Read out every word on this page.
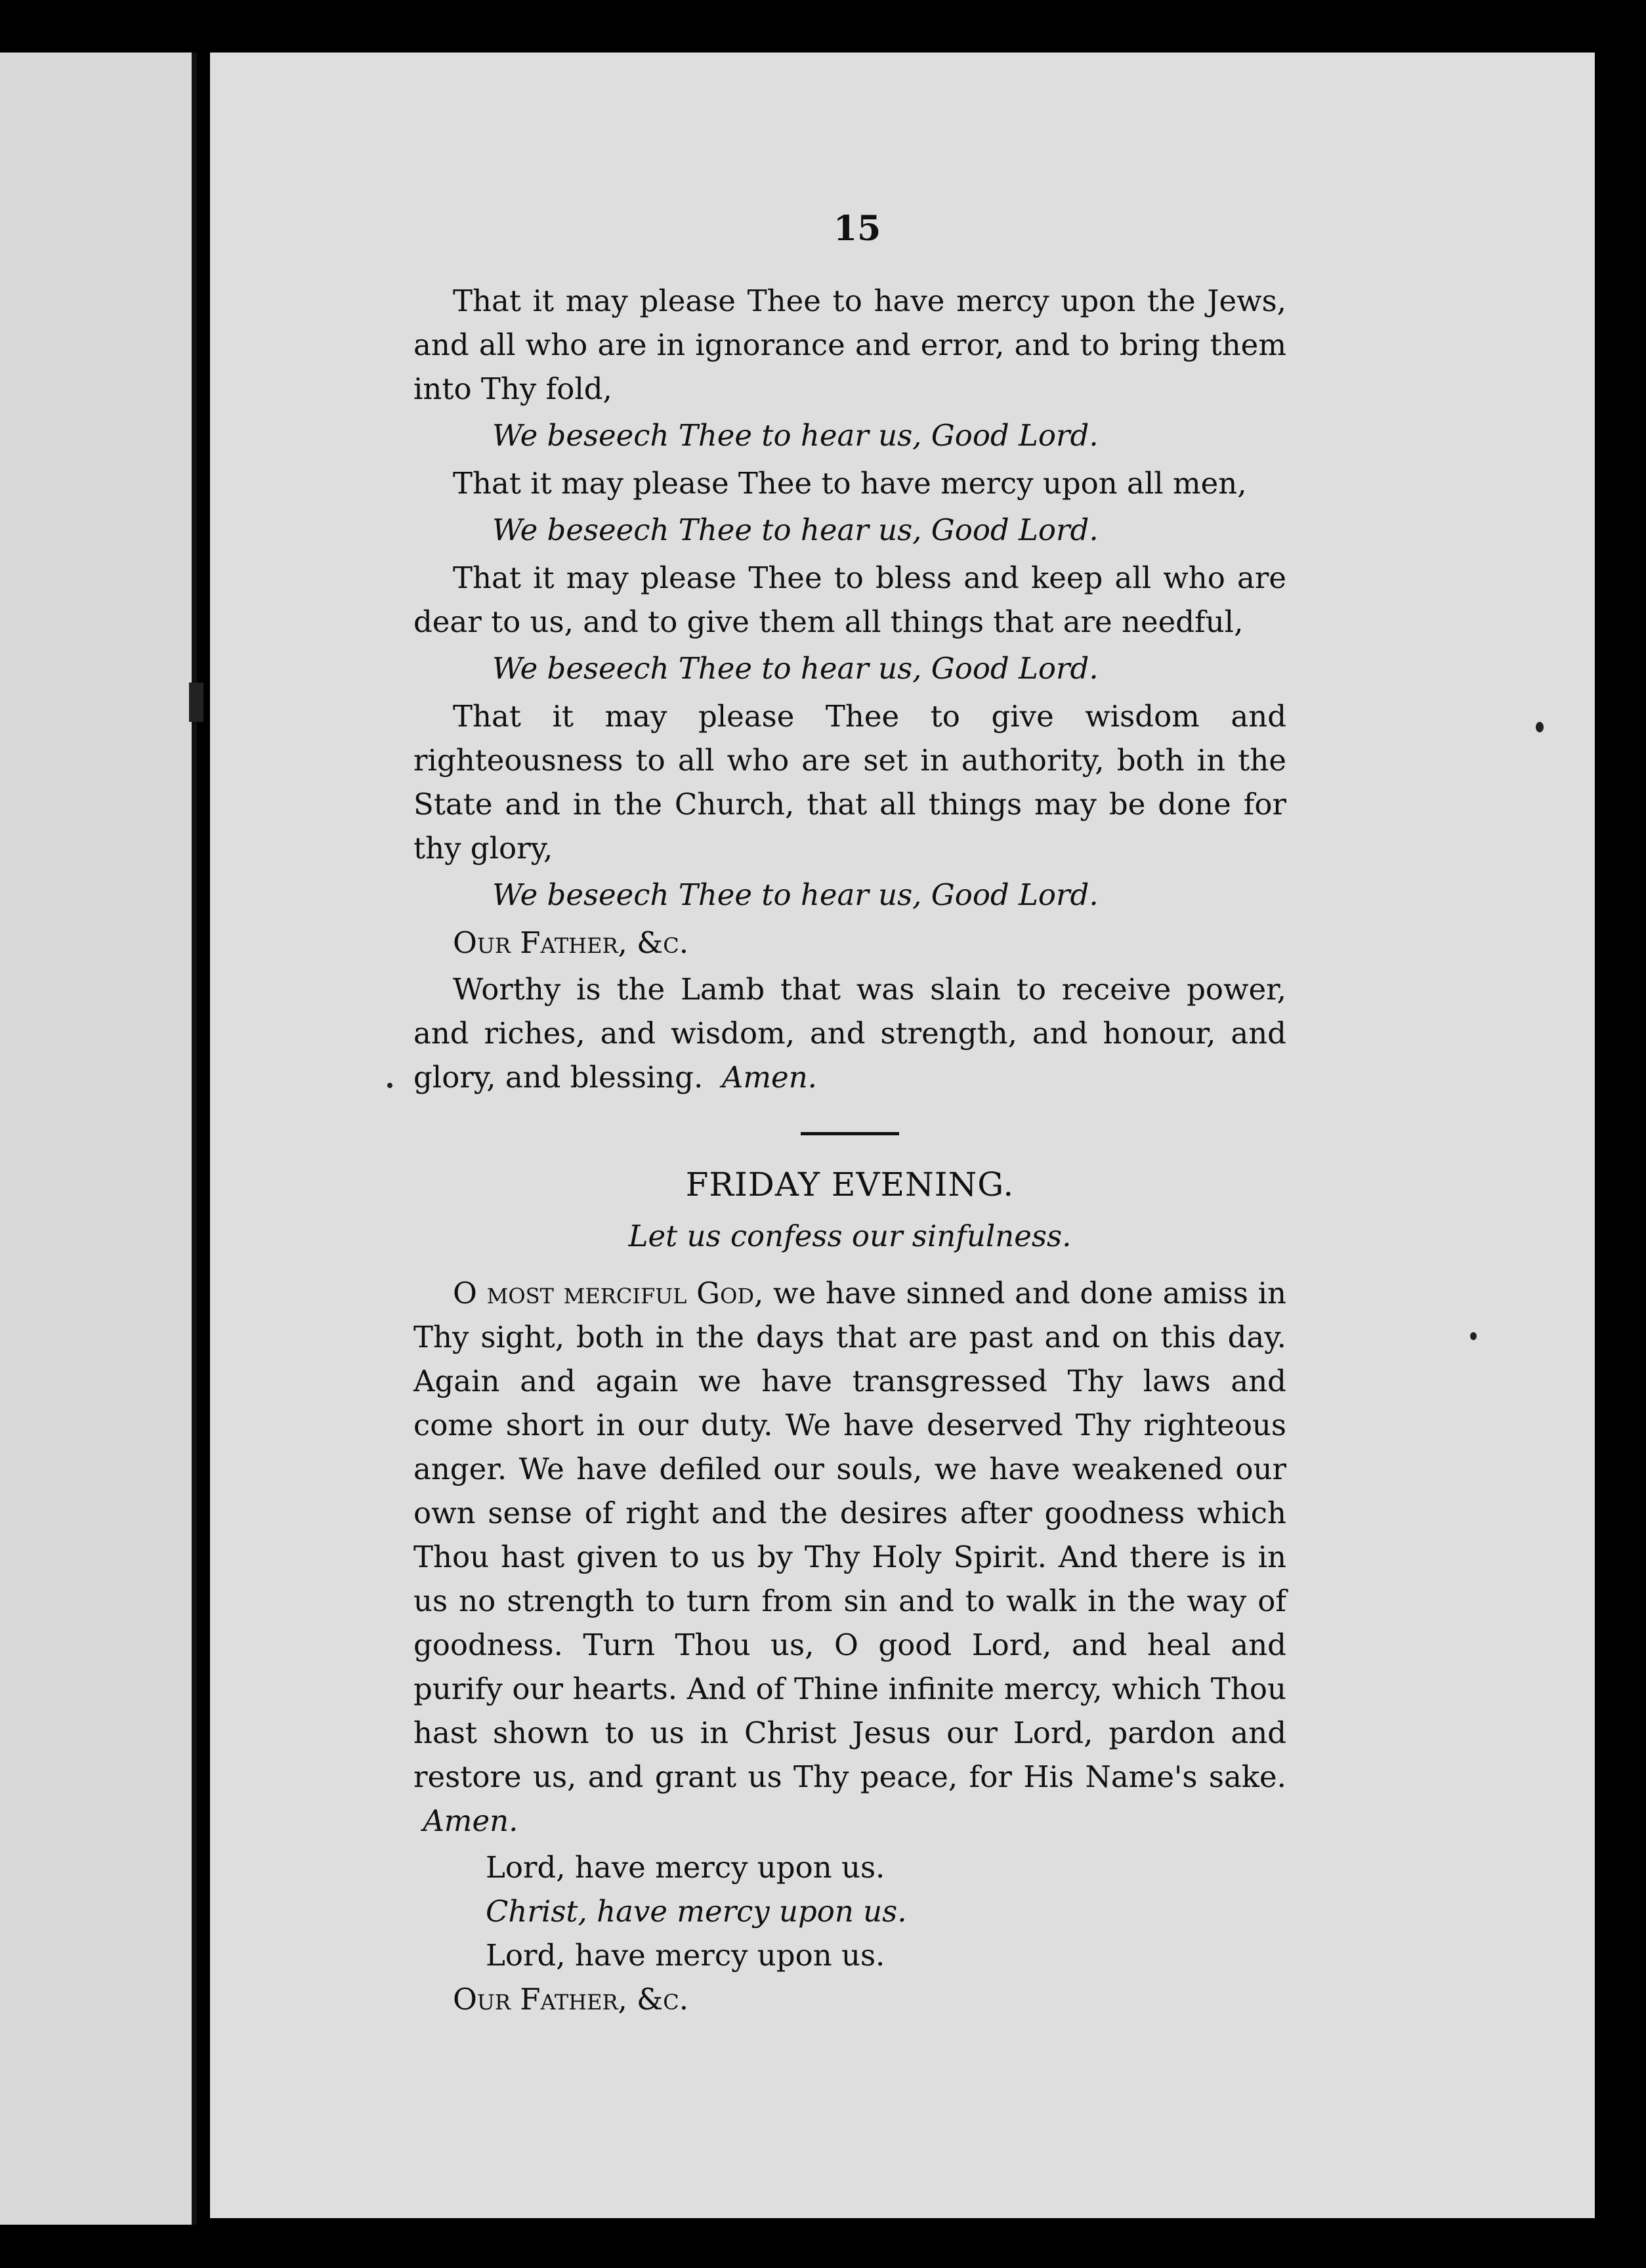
15

That it may please Thee to have mercy upon the Jews, and all who are in ignorance and error, and to bring them into Thy fold,

We beseech Thee to hear us, Good Lord.

That it may please Thee to have mercy upon all men,

We beseech Thee to hear us, Good Lord.

That it may please Thee to bless and keep all who are dear to us, and to give them all things that are needful,

We beseech Thee to hear us, Good Lord.

That it may please Thee to give wisdom and righteousness to all who are set in authority, both in the State and in the Church, that all things may be done for thy glory,

We beseech Thee to hear us, Good Lord.

Our Father, &c.

Worthy is the Lamb that was slain to receive power, and riches, and wisdom, and strength, and honour, and glory, and blessing. Amen.

FRIDAY EVENING.

Let us confess our sinfulness.

O most merciful God, we have sinned and done amiss in Thy sight, both in the days that are past and on this day. Again and again we have transgressed Thy laws and come short in our duty. We have deserved Thy righteous anger. We have defiled our souls, we have weakened our own sense of right and the desires after goodness which Thou hast given to us by Thy Holy Spirit. And there is in us no strength to turn from sin and to walk in the way of goodness. Turn Thou us, O good Lord, and heal and purify our hearts. And of Thine infinite mercy, which Thou hast shown to us in Christ Jesus our Lord, pardon and restore us, and grant us Thy peace, for His Name's sake.  Amen.

Lord, have mercy upon us.

Christ, have mercy upon us.

Lord, have mercy upon us.

Our Father, &c.
